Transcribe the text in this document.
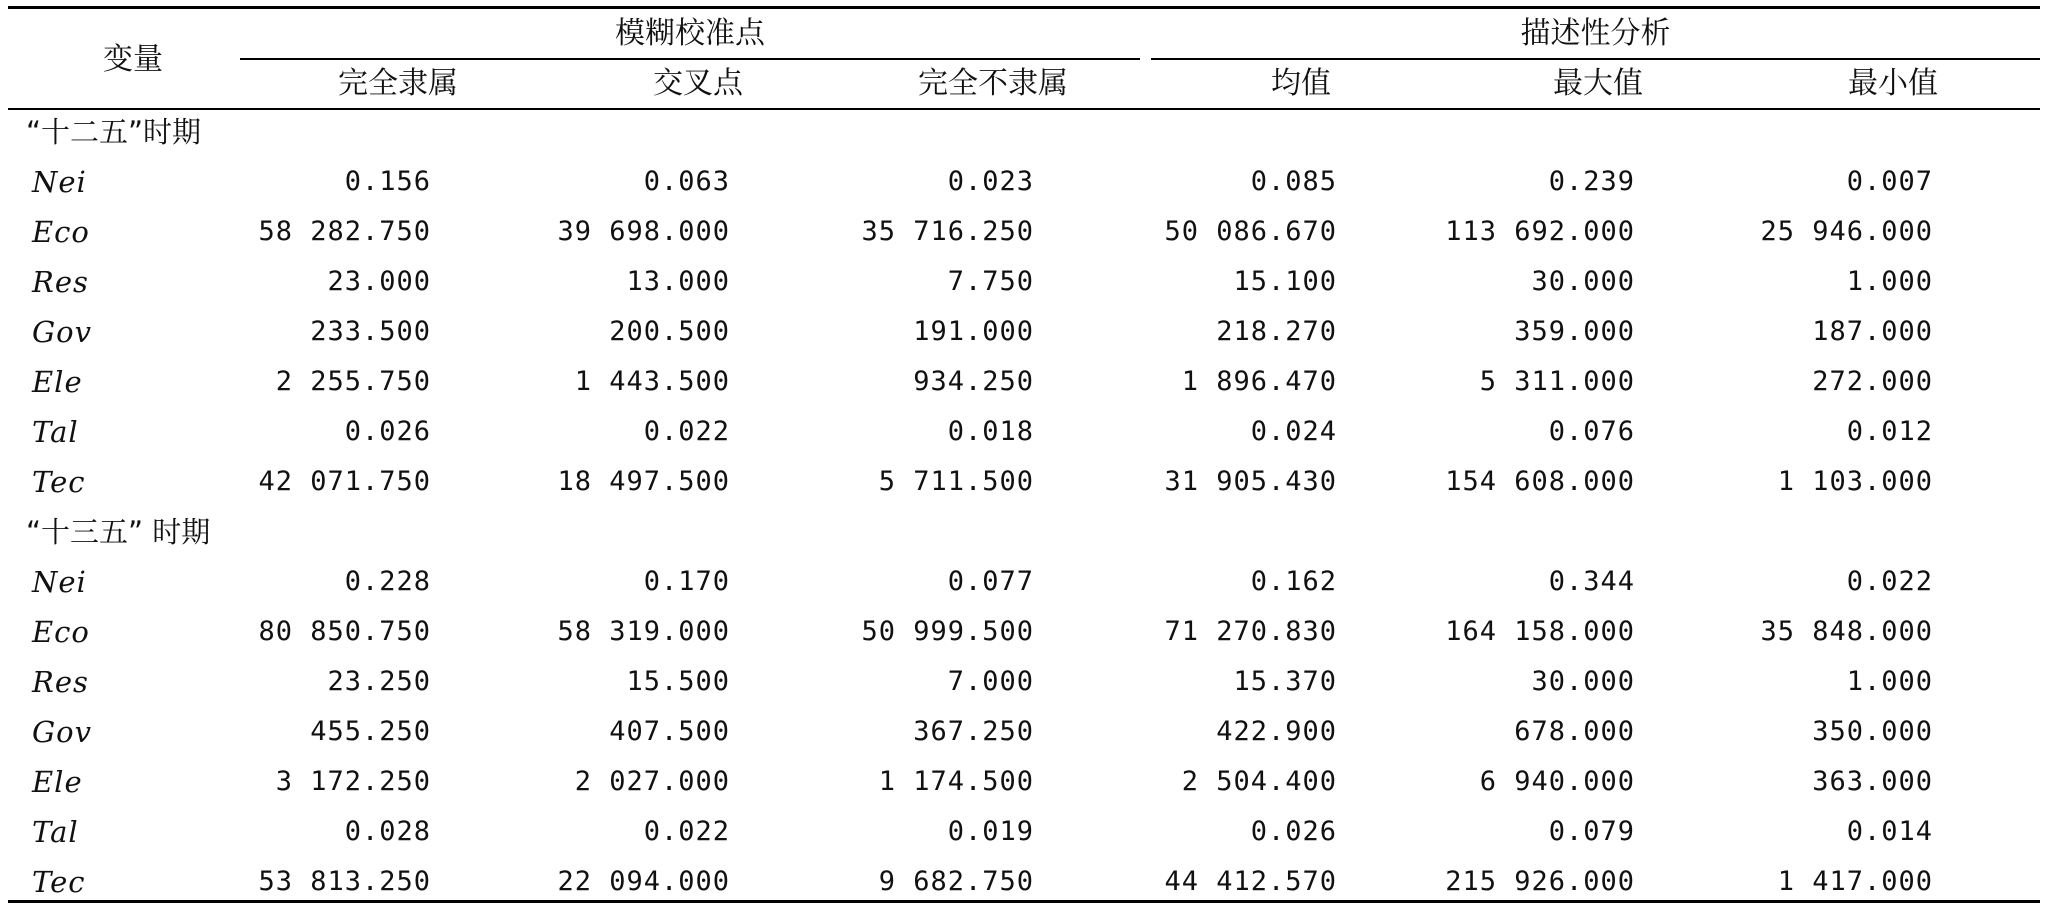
变量
模糊校准点	描述性分析
完全隶属	交叉点	完全不隶属	均值	最大值	最小值
“十二五”时期
Nei	0.156	0.063	0.023	0.085	0.239	0.007
Eco	58 282.750	39 698.000	35 716.250	50 086.670	113 692.000	25 946.000
Res	23.000	13.000	7.750	15.100	30.000	1.000
Gov	233.500	200.500	191.000	218.270	359.000	187.000
Ele	2 255.750	1 443.500	934.250	1 896.470	5 311.000	272.000
Tal	0.026	0.022	0.018	0.024	0.076	0.012
Tec	42 071.750	18 497.500	5 711.500	31 905.430	154 608.000	1 103.000
“十三五” 时期
Nei	0.228	0.170	0.077	0.162	0.344	0.022
Eco	80 850.750	58 319.000	50 999.500	71 270.830	164 158.000	35 848.000
Res	23.250	15.500	7.000	15.370	30.000	1.000
Gov	455.250	407.500	367.250	422.900	678.000	350.000
Ele	3 172.250	2 027.000	1 174.500	2 504.400	6 940.000	363.000
Tal	0.028	0.022	0.019	0.026	0.079	0.014
Tec	53 813.250	22 094.000	9 682.750	44 412.570	215 926.000	1 417.000
